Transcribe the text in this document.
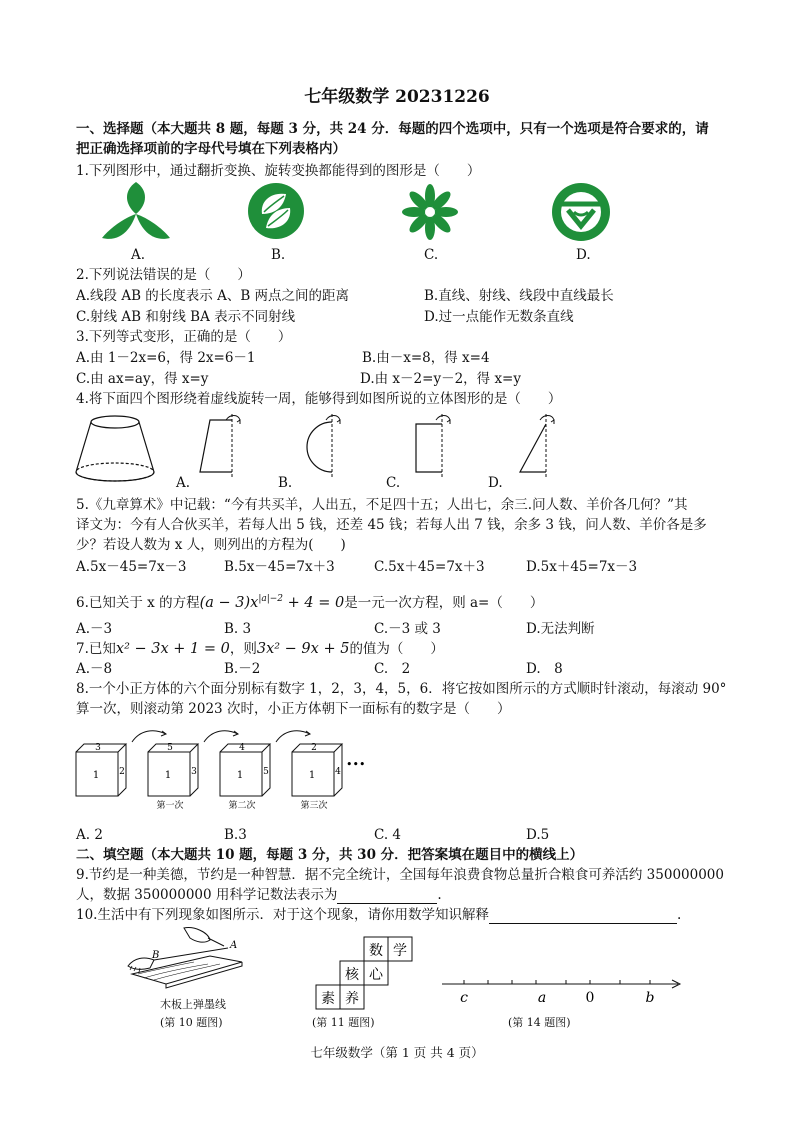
七年级数学 20231226
一、选择题（本大题共 8 题，每题 3 分，共 24 分．每题的四个选项中，只有一个选项是符合要求的，请
把正确选择项前的字母代号填在下列表格内）
1.下列图形中，通过翻折变换、旋转变换都能得到的图形是（　　）
A.	B.	C.	D.
2.下列说法错误的是（　　）
A.线段 AB 的长度表示 A、B 两点之间的距离	B.直线、射线、线段中直线最长
C.射线 AB 和射线 BA 表示不同射线	D.过一点能作无数条直线
3.下列等式变形，正确的是（　　）
A.由 1－2x=6，得 2x=6－1	B.由－x=8，得 x=4
C.由 ax=ay，得 x=y	D.由 x－2=y－2，得 x=y
4.将下面四个图形绕着虚线旋转一周，能够得到如图所说的立体图形的是（　　）
A.	B.	C.	D.
5.《九章算术》中记载：“今有共买羊，人出五，不足四十五；人出七，余三.问人数、羊价各几何？”其
译文为：今有人合伙买羊，若每人出 5 钱，还差 45 钱；若每人出 7 钱，余多 3 钱，问人数、羊价各是多
少？若设人数为 x 人，则列出的方程为(　　)
A.5x－45=7x－3	B.5x－45=7x＋3	C.5x＋45=7x＋3	D.5x＋45=7x－3
6.已知关于 x 的方程$(a - 3)x^{|a|-2} + 4 = 0$是一元一次方程，则 a=（　　）
A.－3	B. 3	C.－3 或 3	D.无法判断
7.已知x² − 3x + 1 = 0，则3x² − 9x + 5的值为（　　）
A.－8	B.－2	C.　2	D.　8
8.一个小正方体的六个面分别标有数字 1，2，3，4，5，6．将它按如图所示的方式顺时针滚动，每滚动 90°
算一次，则滚动第 2023 次时，小正方体朝下一面标有的数字是（　　）
3
1 2
5
1 3
4
1 5
2
1 4
•••
第一次	第二次	第三次
A. 2	B.3	C. 4	D.5
二、填空题（本大题共 10 题，每题 3 分，共 30 分．把答案填在题目中的横线上）
9.节约是一种美德，节约是一种智慧．据不完全统计，全国每年浪费食物总量折合粮食可养活约 350000000
人，数据 350000000 用科学记数法表示为	.
10.生活中有下列现象如图所示．对于这个现象，请你用数学知识解释	.
A
B
木板上弹墨线
(第 10 题图)
数 学
核 心
素 养
(第 11 题图)
c	a	0	b
(第 14 题图)
七年级数学（第 1 页 共 4 页）
